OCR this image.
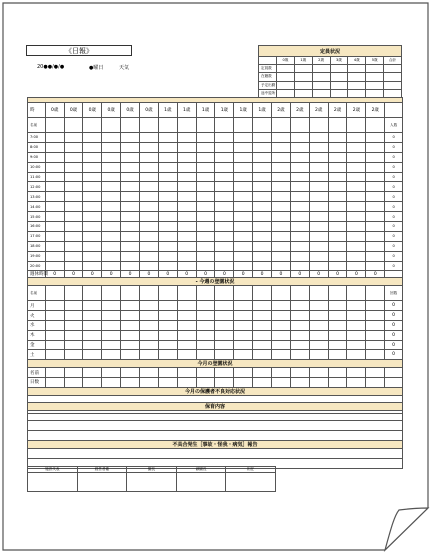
《日報》
20●●/●/●	●曜日	天気
定員状況							
	0歳	1歳	2歳	3歳	4歳	5歳	合計
定員数							
在籍数							
予定出勤							
途中退所							

時	0歳	0歳	0歳	0歳	0歳	0歳	1歳	1歳	1歳	1歳	1歳	1歳	2歳	2歳	2歳	2歳	2歳	2歳	
名前																			人数
7:00																			0
8:00																			0
9:00																			0
10:00																			0
11:00																			0
12:00																			0
13:00																			0
14:00																			0
15:00																			0
16:00																			0
17:00																			0
18:00																			0
19:00																			0
20:00																			0
週休時間	0	0	0	0	0	0	0	0	0	0	0	0	0	0	0	0	0	0	
- 今週の登園状況																			
名前																			回数
月																			0
火																			0
水																			0
木																			0
金																			0
土																			0
今月の登園状況																			
名前																			
日数																			
今月の保護者不良対応状況																			

保育内容

不具合発生［事故・怪我・病気］報告

施設代表	経営者確	園長	副園長	担任
